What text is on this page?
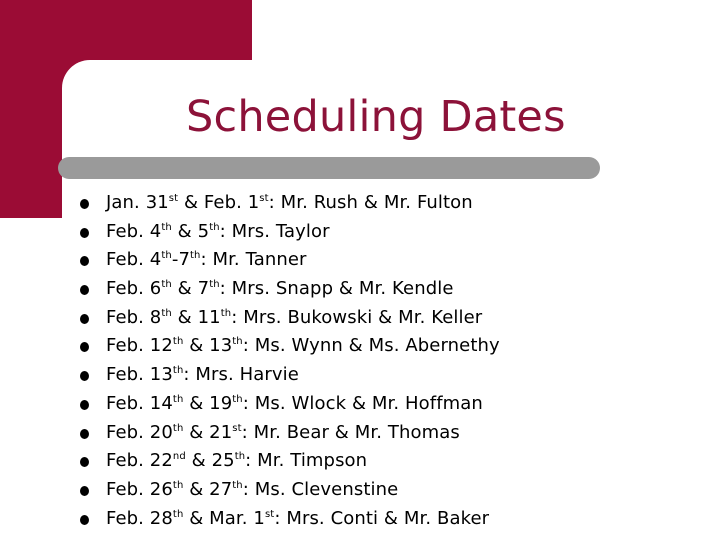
Scheduling Dates
Jan. 31st & Feb. 1st: Mr. Rush & Mr. Fulton
Feb. 4th & 5th: Mrs. Taylor
Feb. 4th-7th: Mr. Tanner
Feb. 6th & 7th: Mrs. Snapp & Mr. Kendle
Feb. 8th & 11th: Mrs. Bukowski & Mr. Keller
Feb. 12th & 13th: Ms. Wynn & Ms. Abernethy
Feb. 13th: Mrs. Harvie
Feb. 14th & 19th: Ms. Wlock & Mr. Hoffman
Feb. 20th & 21st: Mr. Bear & Mr. Thomas
Feb. 22nd & 25th: Mr. Timpson
Feb. 26th & 27th: Ms. Clevenstine
Feb. 28th & Mar. 1st: Mrs. Conti & Mr. Baker
